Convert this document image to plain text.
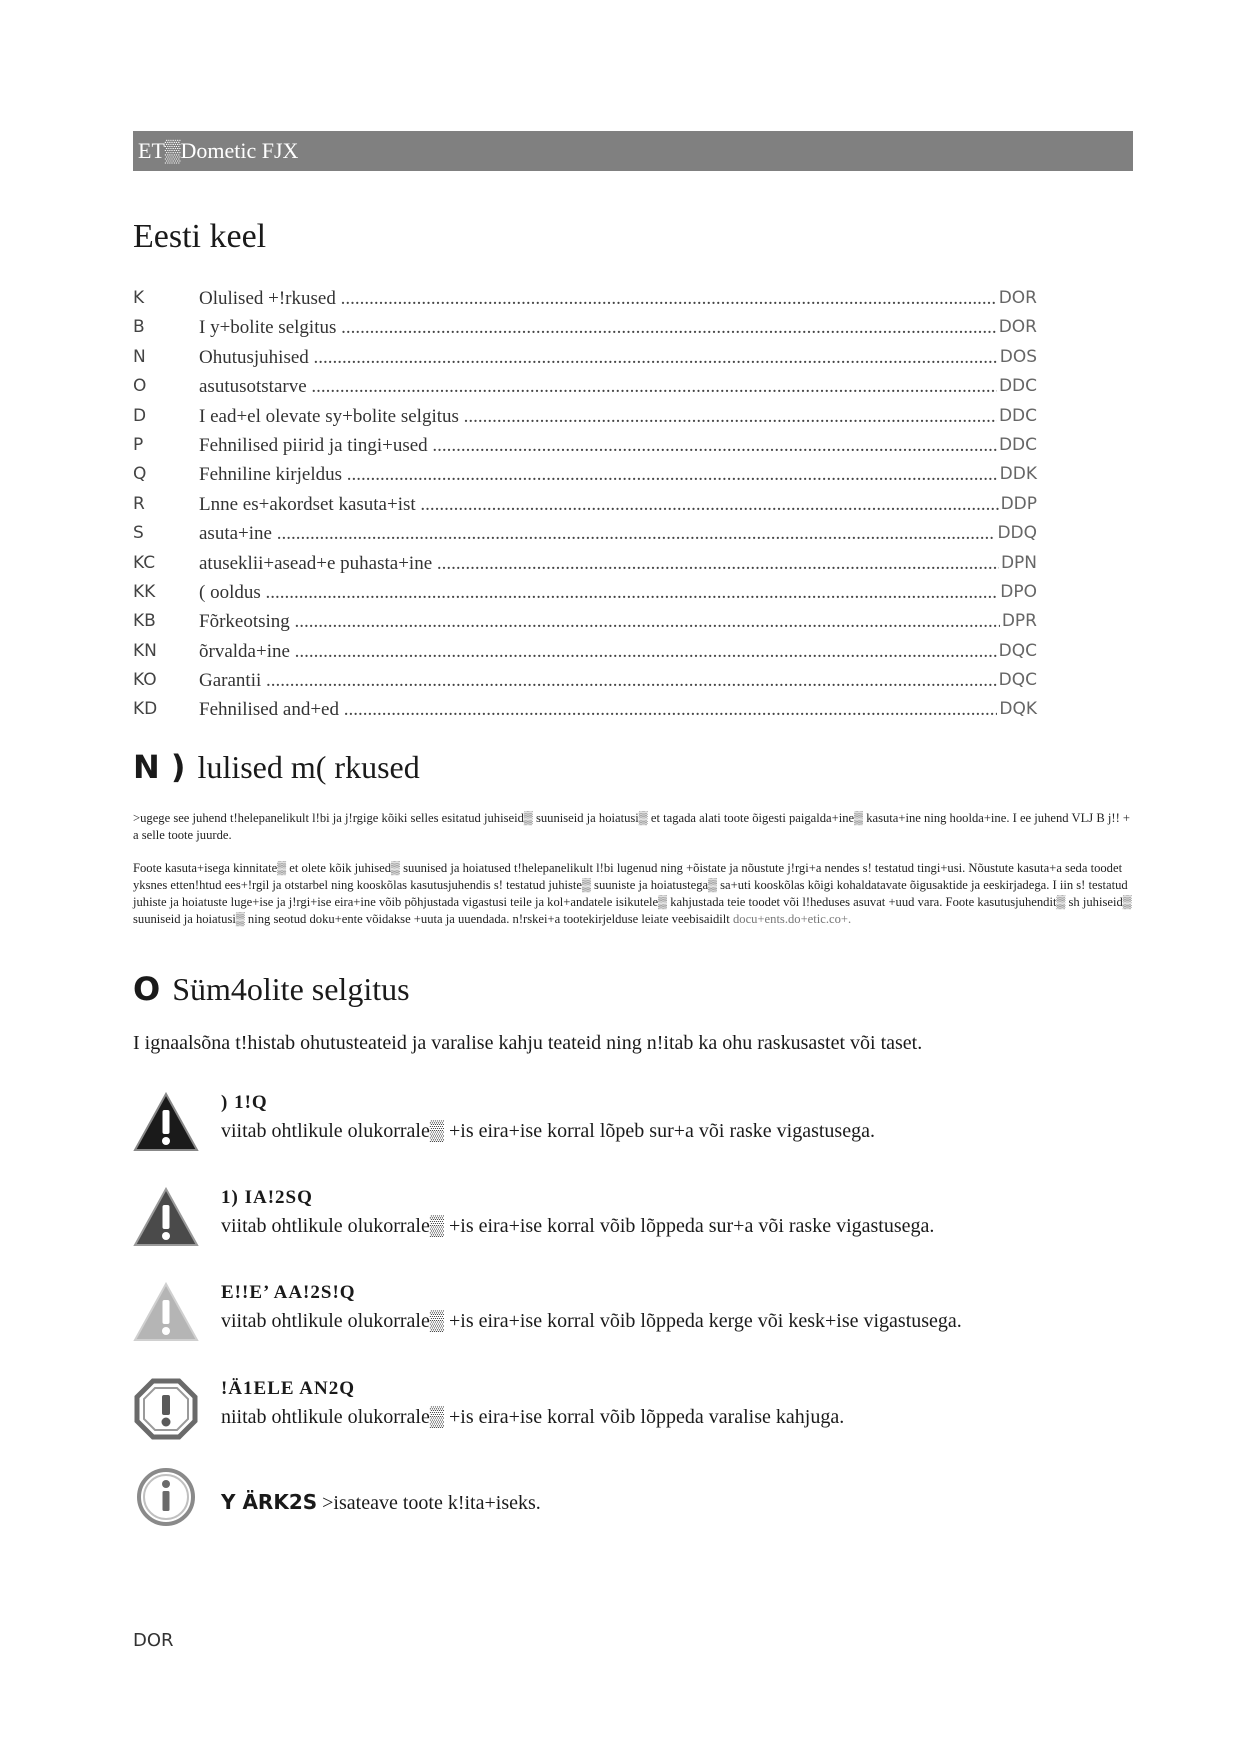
ET▒Dometic FJX
Eesti keel
K	Olulised +!rkused .....	DOR
B	I y+bolite selgitus .....	DOR
N	Ohutusjuhised .....	DOS
O	asutusotstarve .....	DDC
D	I ead+el olevate sy+bolite selgitus .....	DDC
P	Fehnilised piirid ja tingi+used .....	DDC
Q	Fehniline kirjeldus .....	DDK
R	Lnne es+akordset kasuta+ist .....	DDP
S	asuta+ine .....	DDQ
KC atuseklii+asead+e puhasta+ine .....	DPN
KK ( ooldus .....	DPO
KB Fõrkeotsing .....	DPR
KN õrvalda+ine .....	DQC
KO Garantii .....	DQC
KD Fehnilised and+ed .....	DQK
N ) lulised m( rkused
>ugege see juhend t!helepanelikult l!bi ja j!rgige kõiki selles esitatud juhiseid▒ suuniseid ja hoiatusi▒ et tagada alati toote õigesti paigalda+ine▒ kasuta+ine ning hoolda+ine. I ee juhend VLJ B j!! + a selle toote juurde.
Foote kasuta+isega kinnitate▒ et olete kõik juhised▒ suunised ja hoiatused t!helepanelikult l!bi lugenud ning +õistate ja nõustute j!rgi+a nendes s! testatud tingi+usi. Nõustute kasuta+a seda toodet yksnes etten!htud ees+!rgil ja otstarbel ning kooskõlas kasutusjuhendis s! testatud juhiste▒ suuniste ja hoiatustega▒ sa+uti kooskõlas kõigi kohaldatavate õigusaktide ja eeskirjadega. I iin s! testatud juhiste ja hoiatuste luge+ise ja j!rgi+ise eira+ine võib põhjustada vigastusi teile ja kol+andatele isikutele▒ kahjustada teie toodet või l!heduses asuvat +uud vara. Foote kasutusjuhendit▒ sh juhiseid▒ suuniseid ja hoiatusi▒ ning seotud doku+ente võidakse +uuta ja uuendada. n!rskei+a tootekirjelduse leiate veebisaidilt docu+ents.do+etic.co+.
O Süm4olite selgitus
I ignaalsõna t!histab ohutusteateid ja varalise kahju teateid ning n!itab ka ohu raskusastet või taset.
) 1!Q
viitab ohtlikule olukorrale▒ +is eira+ise korral lõpeb sur+a või raske vigastusega.
1) IA!2SQ
viitab ohtlikule olukorrale▒ +is eira+ise korral võib lõppeda sur+a või raske vigastusega.
E!!E’ AA!2S!Q
viitab ohtlikule olukorrale▒ +is eira+ise korral võib lõppeda kerge või kesk+ise vigastusega.
!Ä1ELE AN2Q
niitab ohtlikule olukorrale▒ +is eira+ise korral võib lõppeda varalise kahjuga.
Y ÄRK2S >isateave toote k!ita+iseks.
DOR
